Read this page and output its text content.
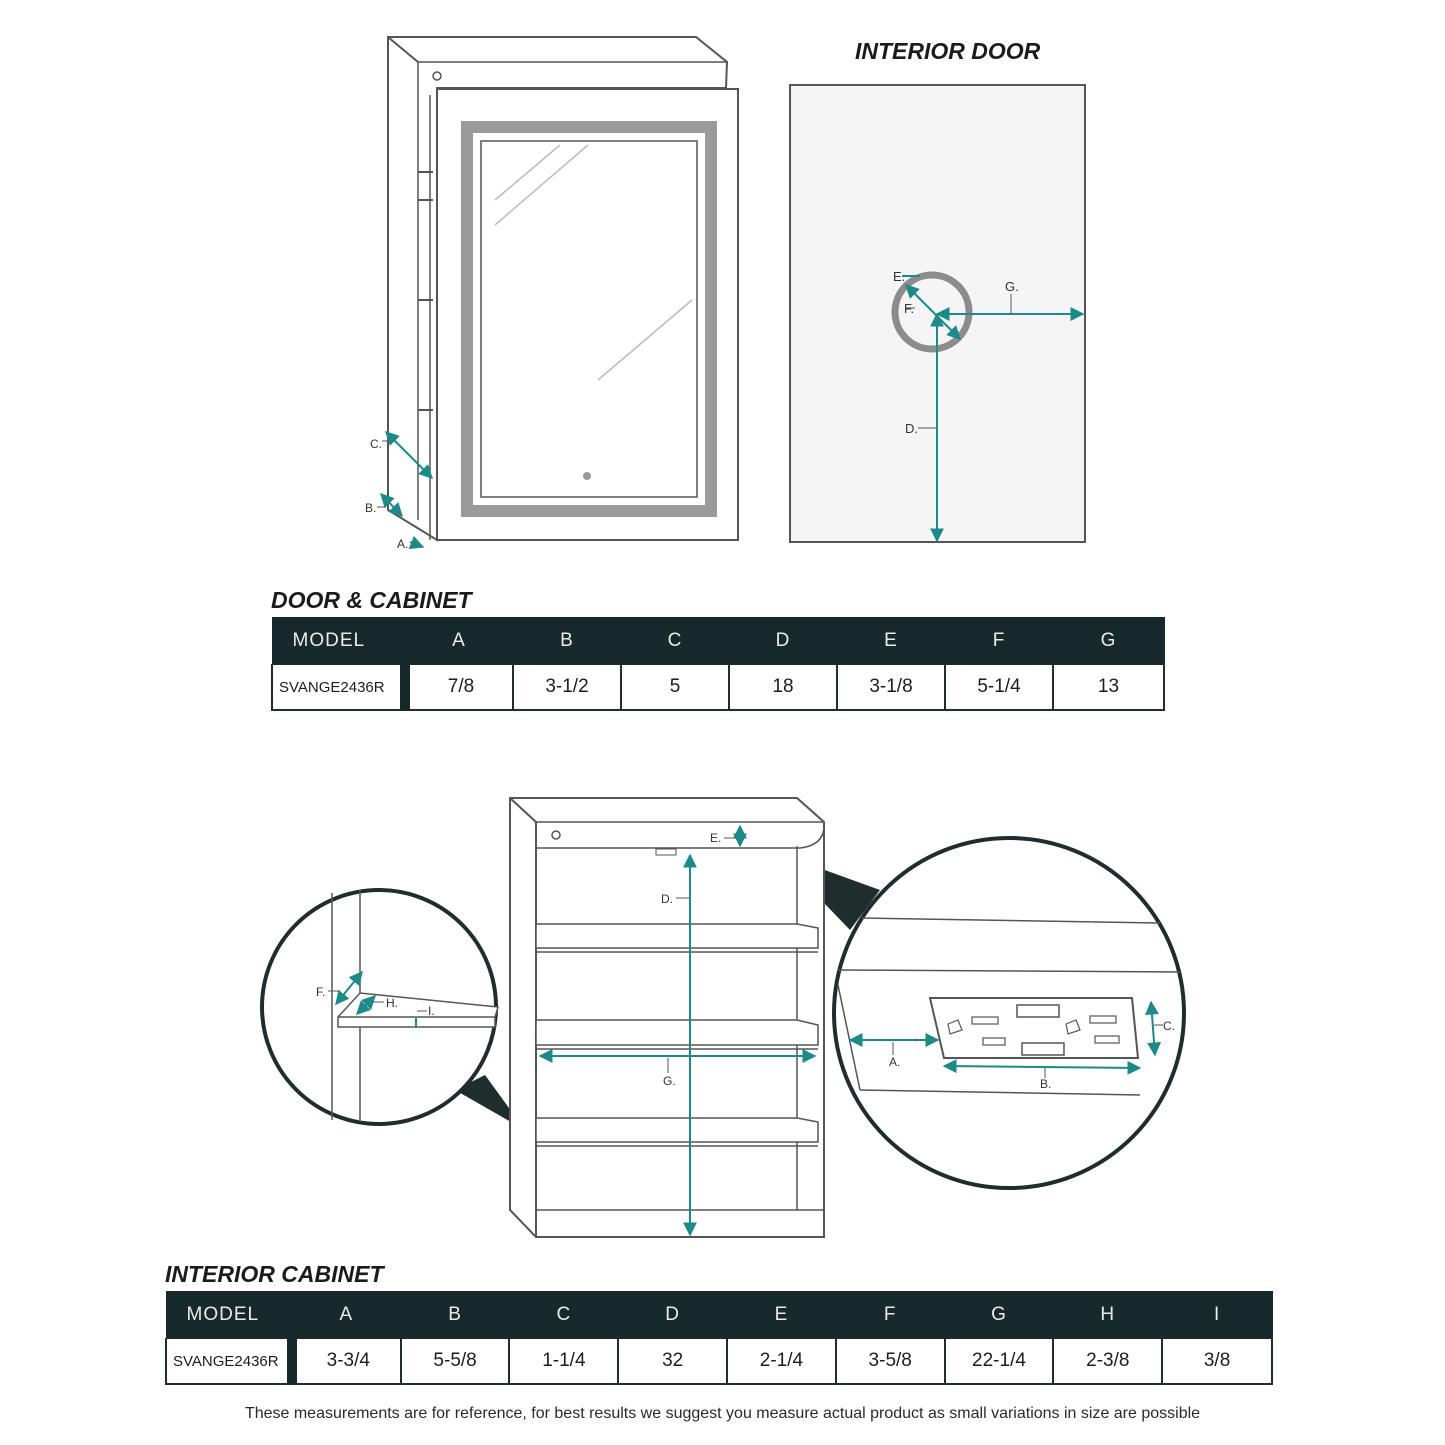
C.
B.
A.
INTERIOR DOOR
E.
F.
G.
D.
DOOR & CABINET
MODEL	A	B	C	D	E	F	G
SVANGE2436R	7/8	3-1/2	5	18	3-1/8	5-1/4	13
E.
D.
G.
F.
H.
I.
A.
B.
C.
INTERIOR CABINET
MODEL	A	B	C	D	E	F	G	H	I
SVANGE2436R	3-3/4	5-5/8	1-1/4	32	2-1/4	3-5/8	22-1/4	2-3/8	3/8
These measurements are for reference, for best results we suggest you measure actual product as small variations in size are possible
